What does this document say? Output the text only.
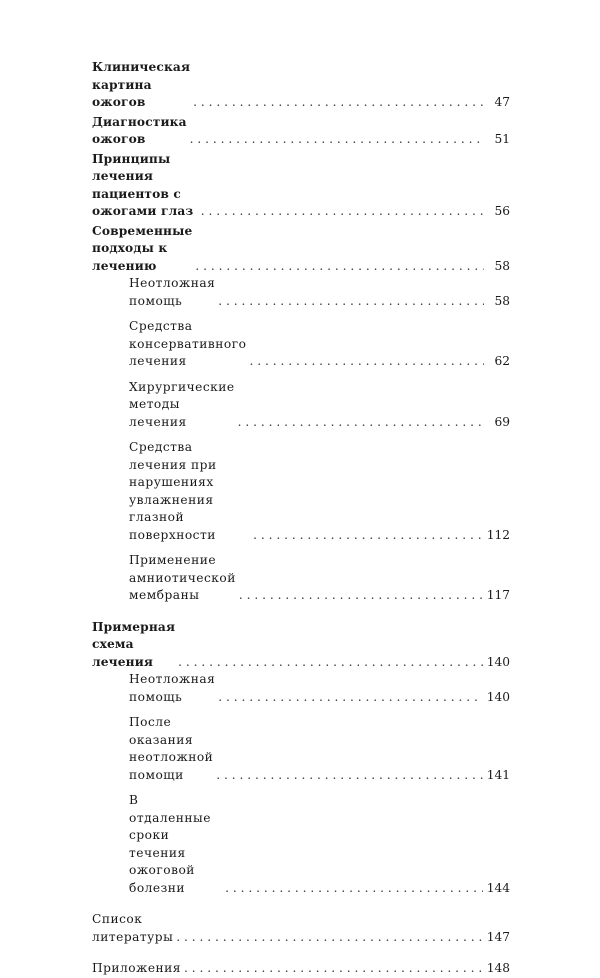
Клиническая картина ожогов . . .	47
Диагностика ожогов . . .	51
Принципы лечения пациентов с ожогами глаз . . .	56
Современные подходы к лечению . . .	58
Неотложная помощь . . .	58
Средства консервативного лечения . . .	62
Хирургические методы лечения . . .	69
Средства лечения при нарушениях увлажнения глазной поверхности . . .	112
Применение амниотической мембраны . . .	117
Примерная схема лечения . . .	140
Неотложная помощь . . .	140
После оказания неотложной помощи . . .	141
В отдаленные сроки течения ожоговой болезни . . .	144
Список литературы . . .	147
Приложения . . .	148
